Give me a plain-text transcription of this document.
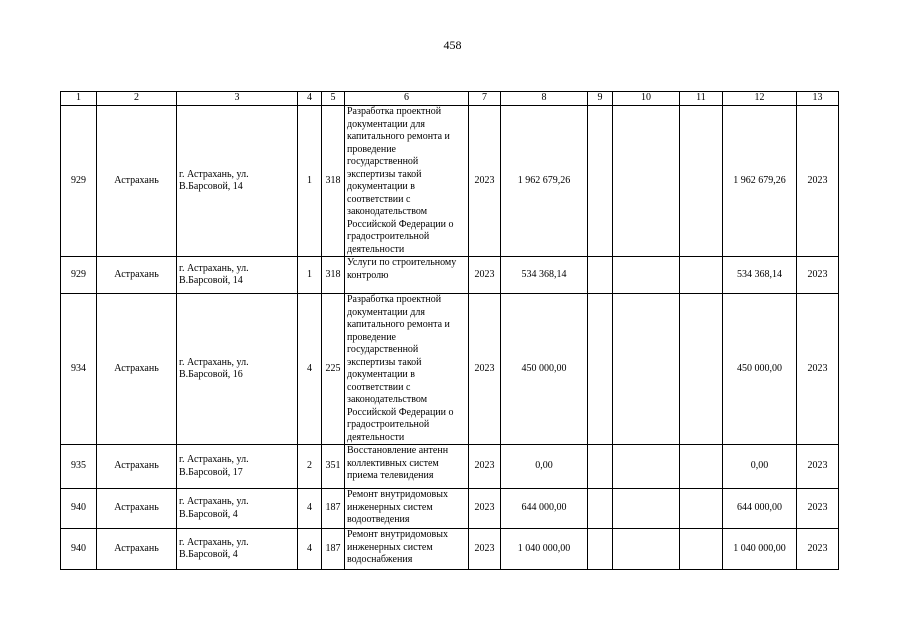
458
1	2	3	4	5	6	7	8	9	10	11	12	13
929	Астрахань	г. Астрахань, ул. В.Барсовой, 14	1	318	Разработка проектной документации для капитального ремонта и проведение государственной экспертизы такой документации в соответствии с законодательством Российской Федерации о градостроительной деятельности	2023	1 962 679,26				1 962 679,26	2023
929	Астрахань	г. Астрахань, ул. В.Барсовой, 14	1	318	Услуги по строительному контролю	2023	534 368,14				534 368,14	2023
934	Астрахань	г. Астрахань, ул. В.Барсовой, 16	4	225	Разработка проектной документации для капитального ремонта и проведение государственной экспертизы такой документации в соответствии с законодательством Российской Федерации о градостроительной деятельности	2023	450 000,00				450 000,00	2023
935	Астрахань	г. Астрахань, ул. В.Барсовой, 17	2	351	Восстановление антенн коллективных систем приема телевидения	2023	0,00				0,00	2023
940	Астрахань	г. Астрахань, ул. В.Барсовой, 4	4	187	Ремонт внутридомовых инженерных систем водоотведения	2023	644 000,00				644 000,00	2023
940	Астрахань	г. Астрахань, ул. В.Барсовой, 4	4	187	Ремонт внутридомовых инженерных систем водоснабжения	2023	1 040 000,00				1 040 000,00	2023
